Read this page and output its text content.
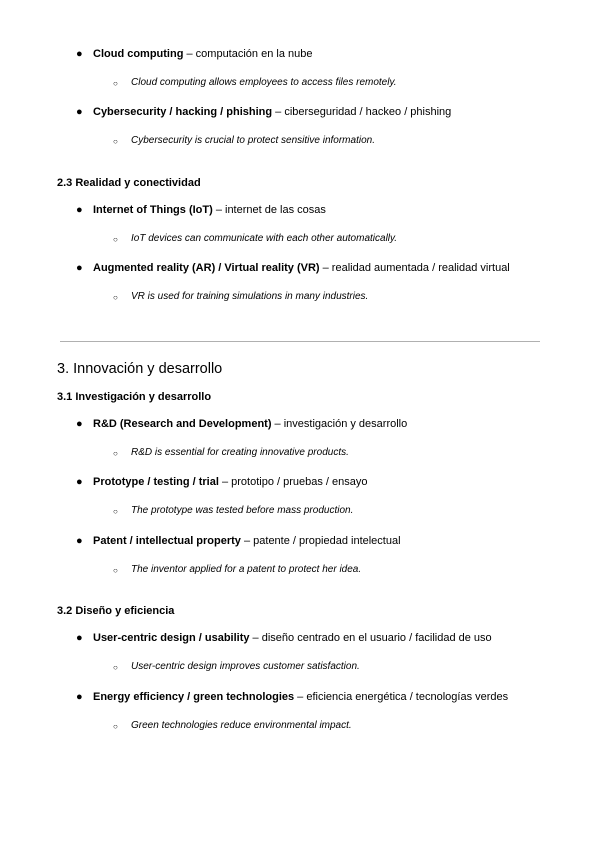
● Cloud computing – computación en la nube
○ Cloud computing allows employees to access files remotely.
● Cybersecurity / hacking / phishing – ciberseguridad / hackeo / phishing
○ Cybersecurity is crucial to protect sensitive information.
2.3 Realidad y conectividad
● Internet of Things (IoT) – internet de las cosas
○ IoT devices can communicate with each other automatically.
● Augmented reality (AR) / Virtual reality (VR) – realidad aumentada / realidad virtual
○ VR is used for training simulations in many industries.
3. Innovación y desarrollo
3.1 Investigación y desarrollo
● R&D (Research and Development) – investigación y desarrollo
○ R&D is essential for creating innovative products.
● Prototype / testing / trial – prototipo / pruebas / ensayo
○ The prototype was tested before mass production.
● Patent / intellectual property – patente / propiedad intelectual
○ The inventor applied for a patent to protect her idea.
3.2 Diseño y eficiencia
● User-centric design / usability – diseño centrado en el usuario / facilidad de uso
○ User-centric design improves customer satisfaction.
● Energy efficiency / green technologies – eficiencia energética / tecnologías verdes
○ Green technologies reduce environmental impact.
